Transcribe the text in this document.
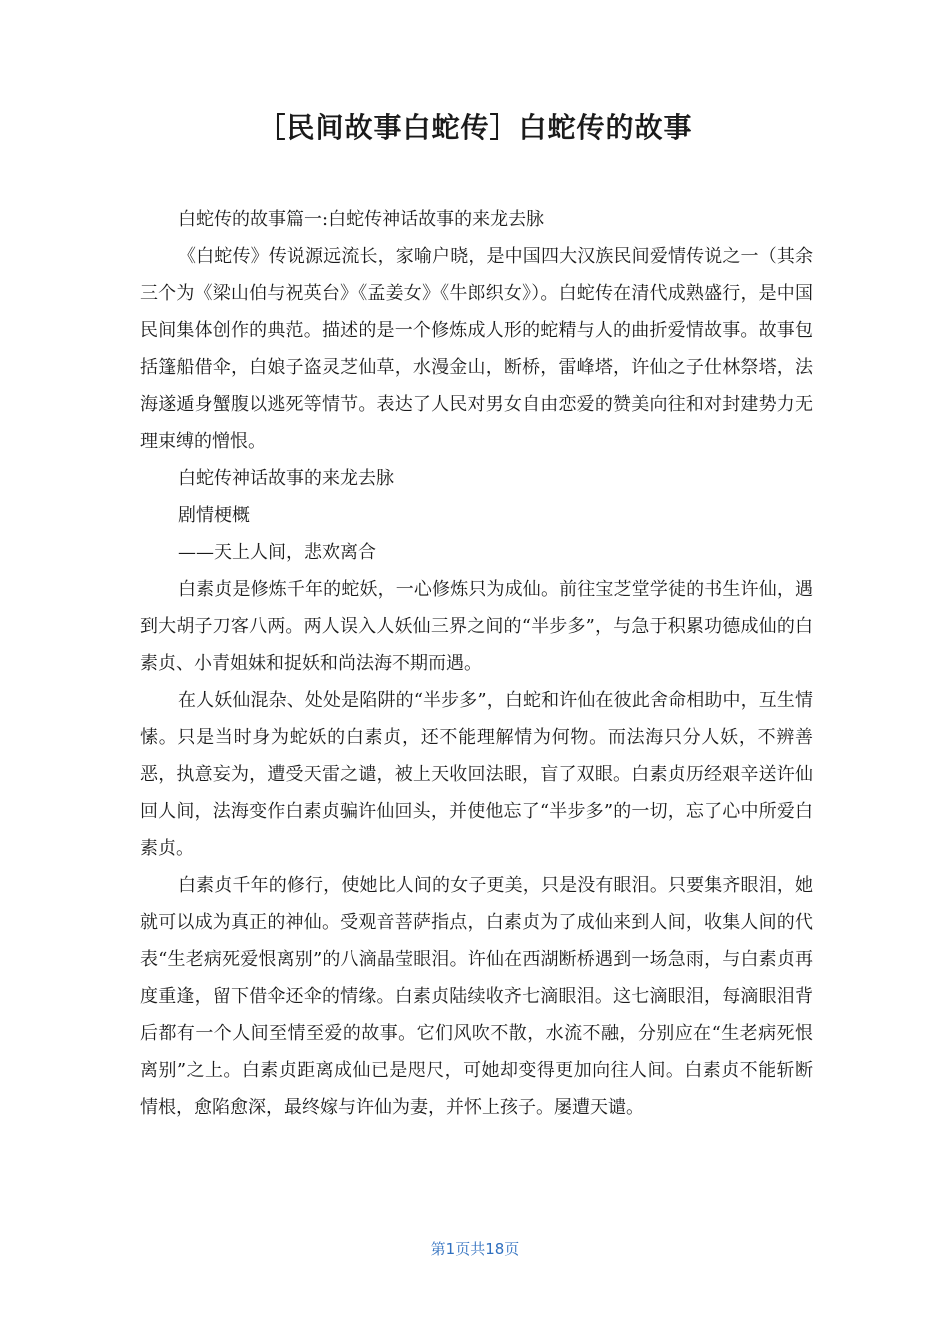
［民间故事白蛇传］白蛇传的故事

白蛇传的故事篇一:白蛇传神话故事的来龙去脉

《白蛇传》传说源远流长，家喻户晓，是中国四大汉族民间爱情传说之一（其余三个为《梁山伯与祝英台》《孟姜女》《牛郎织女》）。白蛇传在清代成熟盛行，是中国民间集体创作的典范。描述的是一个修炼成人形的蛇精与人的曲折爱情故事。故事包括篷船借伞，白娘子盗灵芝仙草，水漫金山，断桥，雷峰塔，许仙之子仕林祭塔，法海遂遁身蟹腹以逃死等情节。表达了人民对男女自由恋爱的赞美向往和对封建势力无理束缚的憎恨。

白蛇传神话故事的来龙去脉

剧情梗概

——天上人间，悲欢离合

白素贞是修炼千年的蛇妖，一心修炼只为成仙。前往宝芝堂学徒的书生许仙，遇到大胡子刀客八两。两人误入人妖仙三界之间的“半步多”，与急于积累功德成仙的白素贞、小青姐妹和捉妖和尚法海不期而遇。

在人妖仙混杂、处处是陷阱的“半步多”，白蛇和许仙在彼此舍命相助中，互生情愫。只是当时身为蛇妖的白素贞，还不能理解情为何物。而法海只分人妖，不辨善恶，执意妄为，遭受天雷之谴，被上天收回法眼，盲了双眼。白素贞历经艰辛送许仙回人间，法海变作白素贞骗许仙回头，并使他忘了“半步多”的一切，忘了心中所爱白素贞。

白素贞千年的修行，使她比人间的女子更美，只是没有眼泪。只要集齐眼泪，她就可以成为真正的神仙。受观音菩萨指点，白素贞为了成仙来到人间，收集人间的代表“生老病死爱恨离别”的八滴晶莹眼泪。许仙在西湖断桥遇到一场急雨，与白素贞再度重逢，留下借伞还伞的情缘。白素贞陆续收齐七滴眼泪。这七滴眼泪，每滴眼泪背后都有一个人间至情至爱的故事。它们风吹不散，水流不融，分别应在“生老病死恨离别”之上。白素贞距离成仙已是咫尺，可她却变得更加向往人间。白素贞不能斩断情根，愈陷愈深，最终嫁与许仙为妻，并怀上孩子。屡遭天谴。

第1页共18页
